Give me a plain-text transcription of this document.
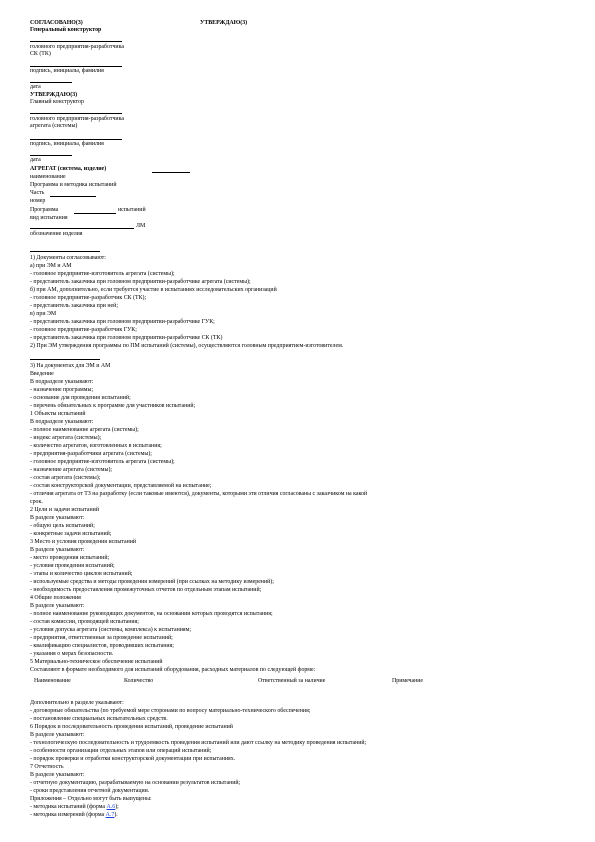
СОГЛАСОВАНО(3)	УТВЕРЖДАЮ(3)
Генеральный конструктор
головного предприятия-разработчика
СК (ТК)
подпись, инициалы, фамилия
дата
УТВЕРЖДАЮ(3)
Главный конструктор
головного предприятия-разработчика
агрегата (системы)
подпись, инициалы, фамилия
дата
АГРЕГАТ (система, изделие)
наименование
Программа и методика испытаний
Часть
номер
Программа	испытаний
вид испытания
ЛМ
обозначение изделия
1) Документы согласовывают:
а) при ЭМ и АМ
- головное предприятие-изготовитель агрегата (системы);
- представитель заказчика при головном предприятии-разработчике агрегата (системы);
б) при АМ, дополнительно, если требуется участие в испытаниях исследовательских организаций
- головное предприятие-разработчик СК (ТК);
- представитель заказчика при ней;
в) при ЭМ
- представитель заказчика при головном предприятии-разработчике ГУК;
- головное предприятие-разработчик ГУК;
- представитель заказчика при головном предприятии-разработчике СК (ТК)
2) При ЭМ утверждения программы по ПМ испытаний (системы), осуществляются головным предприятием-изготовителем.
3) На документах для ЭМ и АМ
Введение
В подразделе указывают:
- назначение программы;
- основание для проведения испытаний;
- перечень обязательных к программе для участников испытаний;
1 Объекты испытаний
В подразделе указывают:
- полное наименование агрегата (системы);
- индекс агрегата (системы);
- количество агрегатов, изготовленных в испытания;
- предприятия-разработчики агрегата (системы);
- головное предприятие-изготовитель агрегата (системы);
- назначение агрегата (системы);
- состав агрегата (системы);
- состав конструкторской документации, представляемой на испытание;
- отличия агрегата от ТЗ на разработку (если таковые имеются), документы, которыми эти отличия согласованы с заказчиком на какой
срок.
2 Цели и задачи испытаний
В разделе указывают:
- общую цель испытаний;
- конкретные задачи испытаний;
3 Место и условия проведения испытаний
В разделе указывают:
- место проведения испытаний;
- условия проведения испытаний;
- этапы и количество циклов испытаний;
- используемые средства и методы проведения измерений (при ссылках на методику измерений);
- необходимость предоставления промежуточных отчетов по отдельным этапам испытаний;
4 Общие положения
В разделе указывают:
- полное наименование руководящих документов, на основании которых проводятся испытания;
- состав комиссии, проводящей испытания;
- условия допуска агрегата (системы, комплекса) к испытаниям;
- предприятия, ответственные за проведение испытаний;
- квалификацию специалистов, проводивших испытания;
- указания о мерах безопасности.
5 Материально-техническое обеспечение испытаний
Составляют в формате необходимого для испытаний оборудования, расходных материалов по следующей форме:
Наименование	Количество	Ответственный за наличие	Примечание
Дополнительно в разделе указывают:
- договорные обязательства (по требуемой мере сторонами по вопросу материально-технического обеспечения;
- постановление специальных испытательных средств.
6 Порядок и последовательность проведения испытаний, проведение испытаний
В разделе указывают:
- технологическую последовательность и трудоемкость проведения испытаний или дают ссылку на методику проведения испытаний;
- особенности организации отдельных этапов или операций испытаний;
- порядок проверки и отработки конструкторской документации при испытаниях.
7 Отчетность
В разделе указывают:
- отчетную документацию, разрабатываемую на основании результатов испытаний;
- сроки представления отчетной документации.
Приложения – Отдельно могут быть выпущены:
- методика испытаний (форма А.6);
- методика измерений (форма А.7).
